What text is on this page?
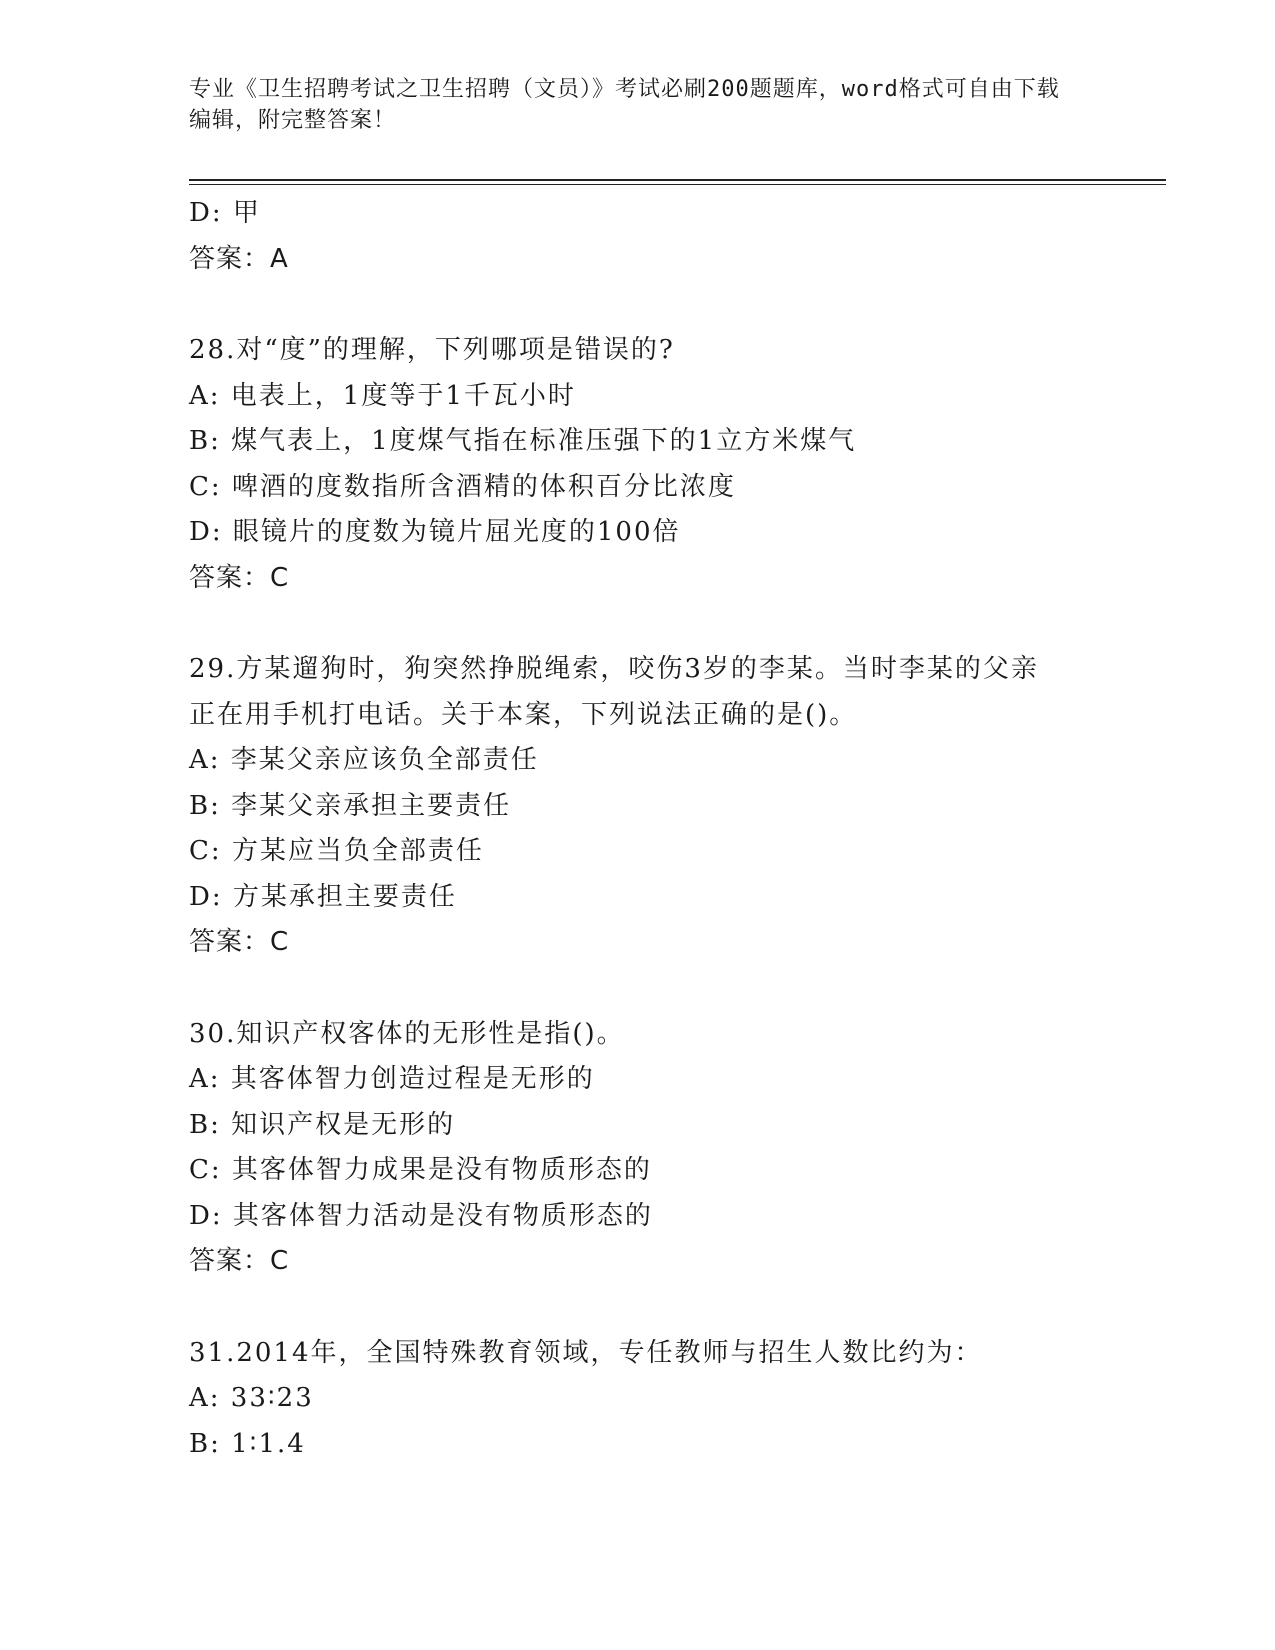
专业《卫生招聘考试之卫生招聘（文员）》考试必刷200题题库，word格式可自由下载编辑，附完整答案！
D: 甲
答案：A
28.对“度”的理解，下列哪项是错误的?
A: 电表上，1度等于1千瓦小时
B: 煤气表上，1度煤气指在标准压强下的1立方米煤气
C: 啤酒的度数指所含酒精的体积百分比浓度
D: 眼镜片的度数为镜片屈光度的100倍
答案：C
29.方某遛狗时，狗突然挣脱绳索，咬伤3岁的李某。当时李某的父亲
正在用手机打电话。关于本案，下列说法正确的是()。
A: 李某父亲应该负全部责任
B: 李某父亲承担主要责任
C: 方某应当负全部责任
D: 方某承担主要责任
答案：C
30.知识产权客体的无形性是指()。
A: 其客体智力创造过程是无形的
B: 知识产权是无形的
C: 其客体智力成果是没有物质形态的
D: 其客体智力活动是没有物质形态的
答案：C
31.2014年，全国特殊教育领域，专任教师与招生人数比约为：
A: 33∶23
B: 1∶1.4
